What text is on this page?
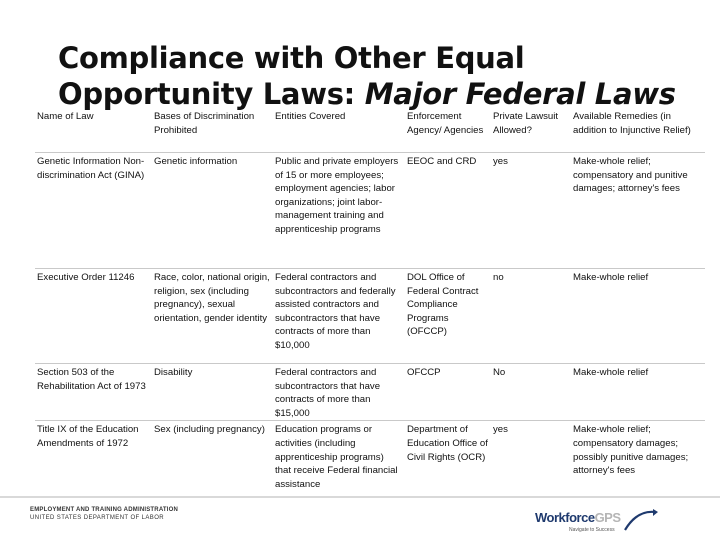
Compliance with Other Equal
Opportunity Laws: Major Federal Laws
Name of Law	Bases of Discrimination Prohibited	Entities Covered	Enforcement Agency/ Agencies	Private Lawsuit Allowed?	Available Remedies (in addition to Injunctive Relief)
Genetic Information Non-discrimination Act (GINA)	Genetic information	Public and private employers of 15 or more employees; employment agencies; labor organizations; joint labor-management training and apprenticeship programs	EEOC and CRD	yes	Make-whole relief; compensatory and punitive damages; attorney's fees
Executive Order 11246	Race, color, national origin, religion, sex (including pregnancy), sexual orientation, gender identity	Federal contractors and subcontractors and federally assisted contractors and subcontractors that have contracts of more than $10,000	DOL Office of Federal Contract Compliance Programs (OFCCP)	no	Make-whole relief
Section 503 of the Rehabilitation Act of 1973	Disability	Federal contractors and subcontractors that have contracts of more than $15,000	OFCCP	No	Make-whole relief
Title IX of the Education Amendments of 1972	Sex (including pregnancy)	Education programs or activities (including apprenticeship programs) that receive Federal financial assistance	Department of Education Office of Civil Rights (OCR)	yes	Make-whole relief; compensatory damages; possibly punitive damages; attorney's fees
EMPLOYMENT AND TRAINING ADMINISTRATION
UNITED STATES DEPARTMENT OF LABOR	WorkforceGPS
Navigate to Success
